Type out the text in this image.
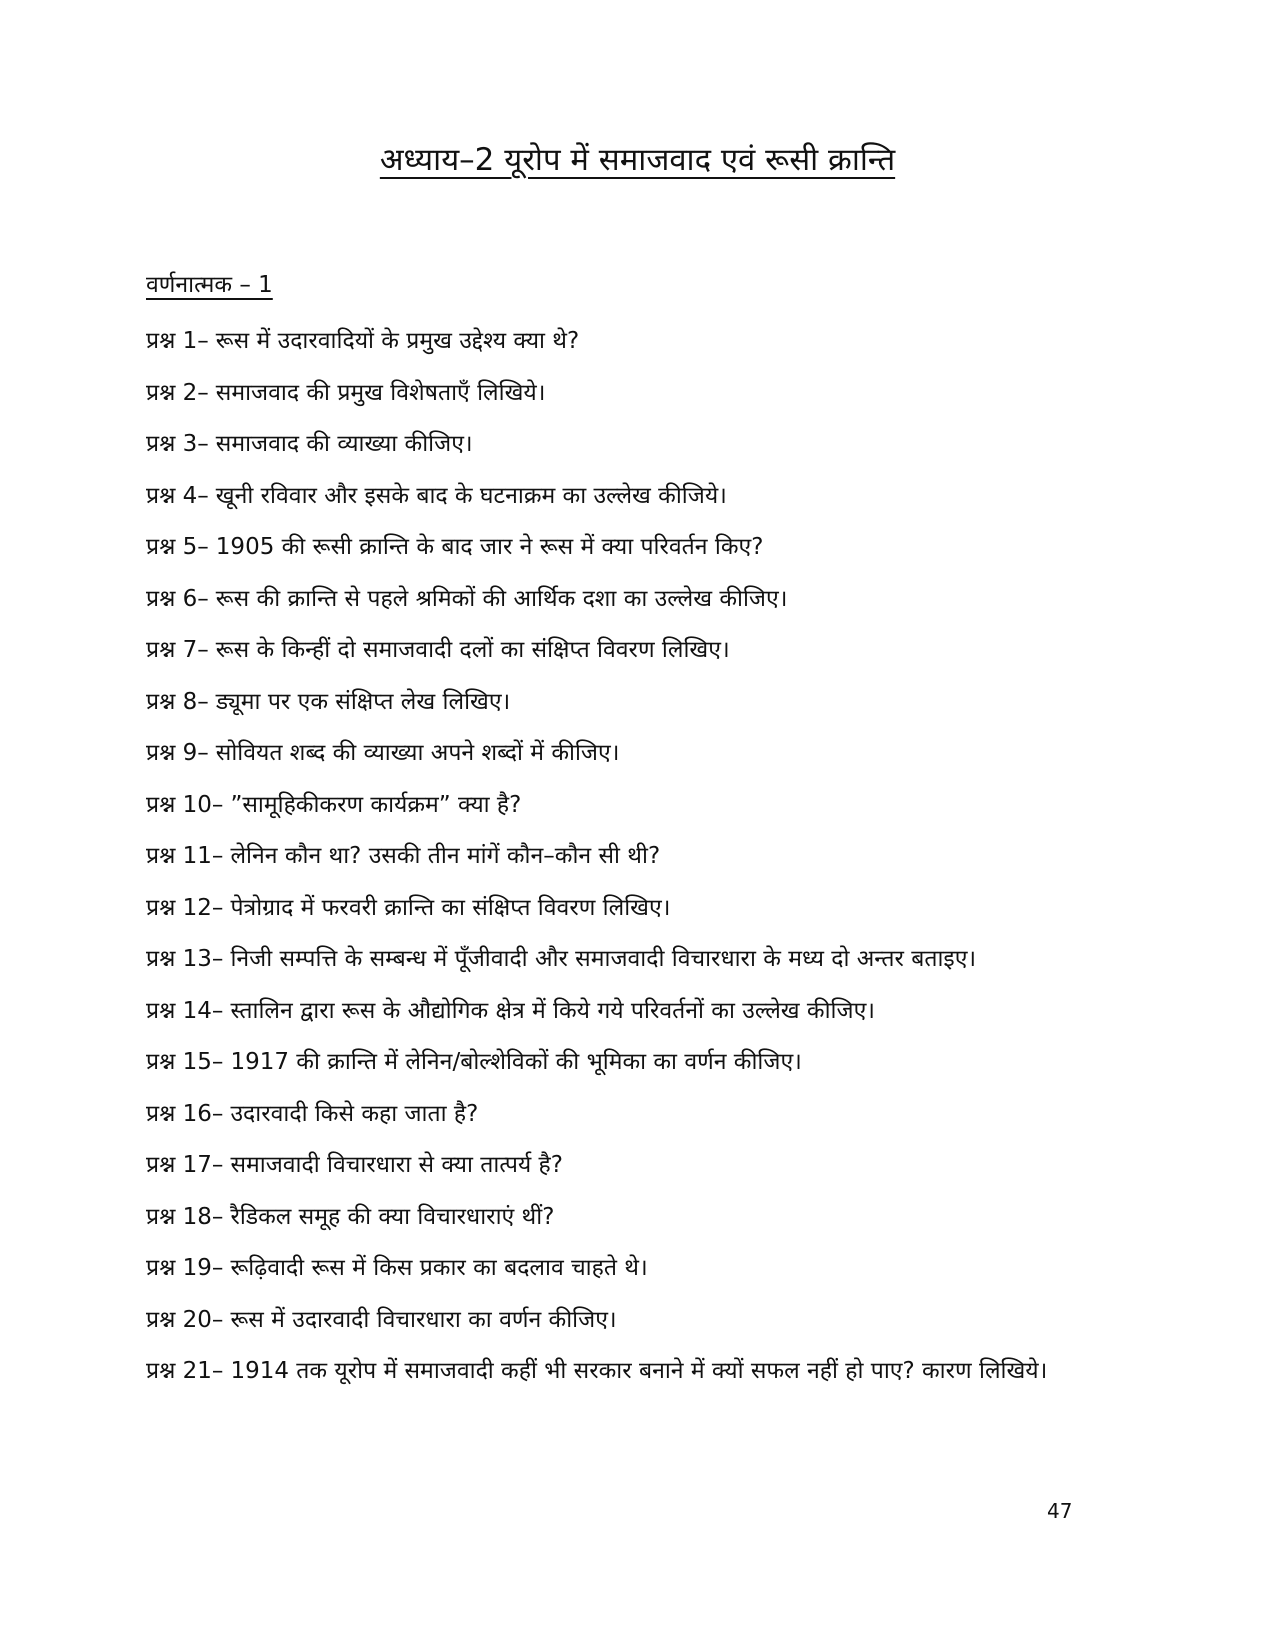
अध्याय–2 यूरोप में समाजवाद एवं रूसी क्रान्ति
वर्णनात्मक – 1
प्रश्न 1– रूस में उदारवादियों के प्रमुख उद्देश्य क्या थे?
प्रश्न 2– समाजवाद की प्रमुख विशेषताएँ लिखिये।
प्रश्न 3– समाजवाद की व्याख्या कीजिए।
प्रश्न 4– खूनी रविवार और इसके बाद के घटनाक्रम का उल्लेख कीजिये।
प्रश्न 5– 1905 की रूसी क्रान्ति के बाद जार ने रूस में क्या परिवर्तन किए?
प्रश्न 6– रूस की क्रान्ति से पहले श्रमिकों की आर्थिक दशा का उल्लेख कीजिए।
प्रश्न 7– रूस के किन्हीं दो समाजवादी दलों का संक्षिप्त विवरण लिखिए।
प्रश्न 8– ड्यूमा पर एक संक्षिप्त लेख लिखिए।
प्रश्न 9– सोवियत शब्द की व्याख्या अपने शब्दों में कीजिए।
प्रश्न 10– ”सामूहिकीकरण कार्यक्रम” क्या है?
प्रश्न 11– लेनिन कौन था? उसकी तीन मांगें कौन–कौन सी थी?
प्रश्न 12– पेत्रोग्राद में फरवरी क्रान्ति का संक्षिप्त विवरण लिखिए।
प्रश्न 13– निजी सम्पत्ति के सम्बन्ध में पूँजीवादी और समाजवादी विचारधारा के मध्य दो अन्तर बताइए।
प्रश्न 14– स्तालिन द्वारा रूस के औद्योगिक क्षेत्र में किये गये परिवर्तनों का उल्लेख कीजिए।
प्रश्न 15– 1917 की क्रान्ति में लेनिन/बोल्शेविकों की भूमिका का वर्णन कीजिए।
प्रश्न 16– उदारवादी किसे कहा जाता है?
प्रश्न 17– समाजवादी विचारधारा से क्या तात्पर्य है?
प्रश्न 18– रैडिकल समूह की क्या विचारधाराएं थीं?
प्रश्न 19– रूढ़िवादी रूस में किस प्रकार का बदलाव चाहते थे।
प्रश्न 20– रूस में उदारवादी विचारधारा का वर्णन कीजिए।
प्रश्न 21– 1914 तक यूरोप में समाजवादी कहीं भी सरकार बनाने में क्यों सफल नहीं हो पाए? कारण लिखिये।
47
